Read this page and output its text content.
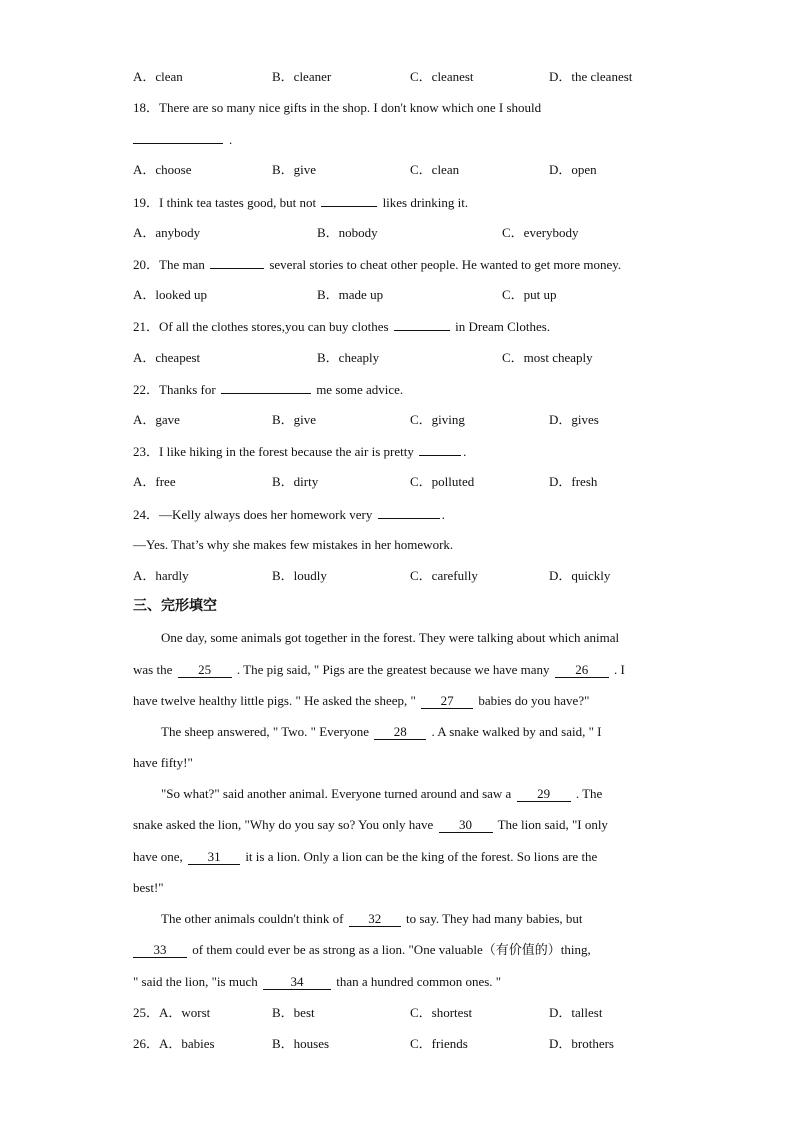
A．clean	B．cleaner	C．cleanest	D．the cleanest
18．There are so many nice gifts in the shop. I don't know which one I should
.
A．choose	B．give	C．clean	D．open
19．I think tea tastes good, but not	likes drinking it.
A．anybody	B．nobody	C．everybody
20．The man	several stories to cheat other people. He wanted to get more money.
A．looked up	B．made up	C．put up
21．Of all the clothes stores,you can buy clothes	in Dream Clothes.
A．cheapest	B．cheaply	C．most cheaply
22．Thanks for	me some advice.
A．gave	B．give	C．giving	D．gives
23．I like hiking in the forest because the air is pretty	.
A．free	B．dirty	C．polluted	D．fresh
24．—Kelly always does her homework very	.
—Yes. That’s why she makes few mistakes in her homework.
A．hardly	B．loudly	C．carefully	D．quickly
三、完形填空
One day, some animals got together in the forest. They were talking about which animal
was the 25 . The pig said, " Pigs are the greatest because we have many 26 . I
have twelve healthy little pigs. " He asked the sheep, " 27 babies do you have?"
The sheep answered, " Two. " Everyone 28 . A snake walked by and said, " I
have fifty!"
"So what?" said another animal. Everyone turned around and saw a 29 . The
snake asked the lion, "Why do you say so? You only have 30 The lion said, "I only
have one, 31 it is a lion. Only a lion can be the king of the forest. So lions are the
best!"
The other animals couldn't think of 32 to say. They had many babies, but
33 of them could ever be as strong as a lion. "One valuable（有价值的）thing,
" said the lion, "is much	34	than a hundred common ones. "
25．A．worst	B．best	C．shortest	D．tallest
26．A．babies	B．houses	C．friends	D．brothers
